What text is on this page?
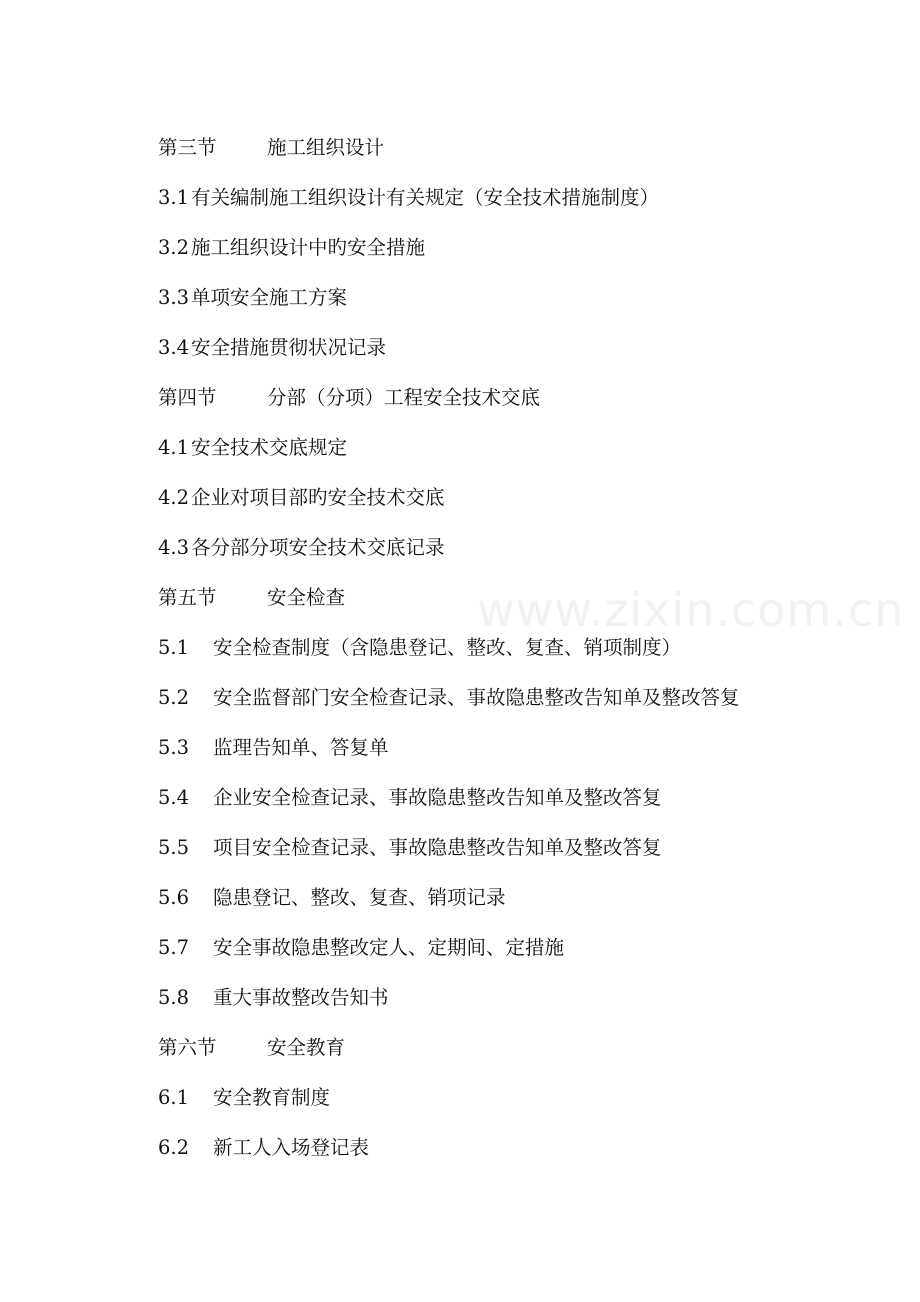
www.zixin.com.cn
第三节	施工组织设计
3.1 有关编制施工组织设计有关规定（安全技术措施制度）
3.2 施工组织设计中旳安全措施
3.3 单项安全施工方案
3.4 安全措施贯彻状况记录
第四节	分部（分项）工程安全技术交底
4.1 安全技术交底规定
4.2 企业对项目部旳安全技术交底
4.3 各分部分项安全技术交底记录
第五节	安全检查
5.1	安全检查制度（含隐患登记、整改、复查、销项制度）
5.2	安全监督部门安全检查记录、事故隐患整改告知单及整改答复
5.3	监理告知单、答复单
5.4	企业安全检查记录、事故隐患整改告知单及整改答复
5.5	项目安全检查记录、事故隐患整改告知单及整改答复
5.6	隐患登记、整改、复查、销项记录
5.7	安全事故隐患整改定人、定期间、定措施
5.8	重大事故整改告知书
第六节	安全教育
6.1	安全教育制度
6.2	新工人入场登记表
